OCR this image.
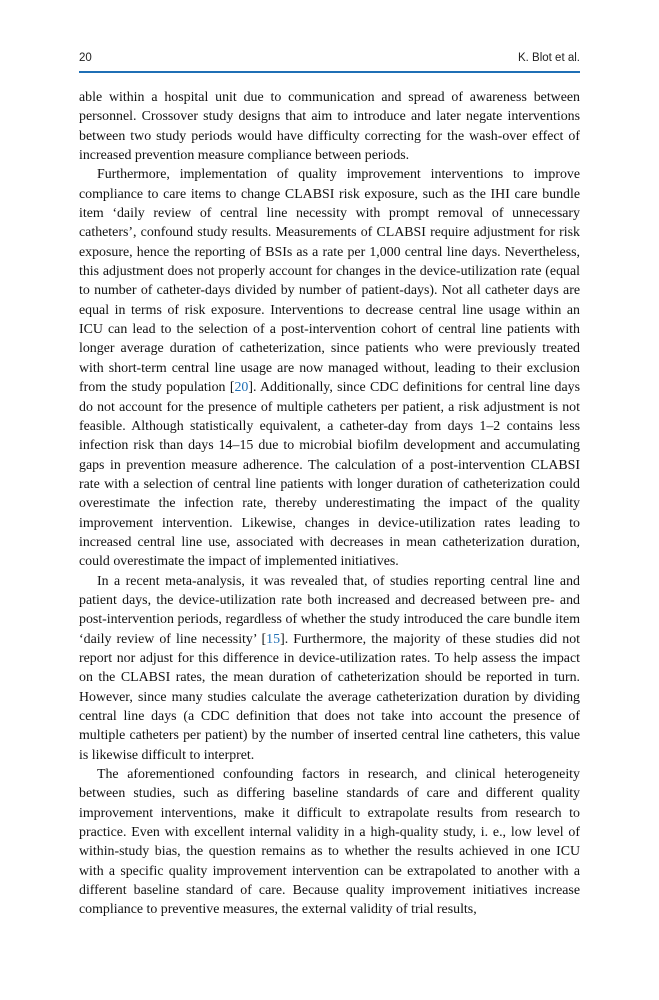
20	K. Blot et al.

able within a hospital unit due to communication and spread of awareness between personnel. Crossover study designs that aim to introduce and later negate interventions between two study periods would have difficulty correcting for the wash-over effect of increased prevention measure compliance between periods.

Furthermore, implementation of quality improvement interventions to improve compliance to care items to change CLABSI risk exposure, such as the IHI care bundle item ‘daily review of central line necessity with prompt removal of unnecessary catheters’, confound study results. Measurements of CLABSI require adjustment for risk exposure, hence the reporting of BSIs as a rate per 1,000 central line days. Nevertheless, this adjustment does not properly account for changes in the device-utilization rate (equal to number of catheter-days divided by number of patient-days). Not all catheter days are equal in terms of risk exposure. Interventions to decrease central line usage within an ICU can lead to the selection of a post-intervention cohort of central line patients with longer average duration of catheterization, since patients who were previously treated with short-term central line usage are now managed without, leading to their exclusion from the study population [20]. Additionally, since CDC definitions for central line days do not account for the presence of multiple catheters per patient, a risk adjustment is not feasible. Although statistically equivalent, a catheter-day from days 1–2 contains less infection risk than days 14–15 due to microbial biofilm development and accumulating gaps in prevention measure adherence. The calculation of a post-intervention CLABSI rate with a selection of central line patients with longer duration of catheterization could overestimate the infection rate, thereby underestimating the impact of the quality improvement intervention. Likewise, changes in device-utilization rates leading to increased central line use, associated with decreases in mean catheterization duration, could overestimate the impact of implemented initiatives.

In a recent meta-analysis, it was revealed that, of studies reporting central line and patient days, the device-utilization rate both increased and decreased between pre- and post-intervention periods, regardless of whether the study introduced the care bundle item ‘daily review of line necessity’ [15]. Furthermore, the majority of these studies did not report nor adjust for this difference in device-utilization rates. To help assess the impact on the CLABSI rates, the mean duration of catheterization should be reported in turn. However, since many studies calculate the average catheterization duration by dividing central line days (a CDC definition that does not take into account the presence of multiple catheters per patient) by the number of inserted central line catheters, this value is likewise difficult to interpret.

The aforementioned confounding factors in research, and clinical heterogeneity between studies, such as differing baseline standards of care and different quality improvement interventions, make it difficult to extrapolate results from research to practice. Even with excellent internal validity in a high-quality study, i. e., low level of within-study bias, the question remains as to whether the results achieved in one ICU with a specific quality improvement intervention can be extrapolated to another with a different baseline standard of care. Because quality improvement initiatives increase compliance to preventive measures, the external validity of trial results,
